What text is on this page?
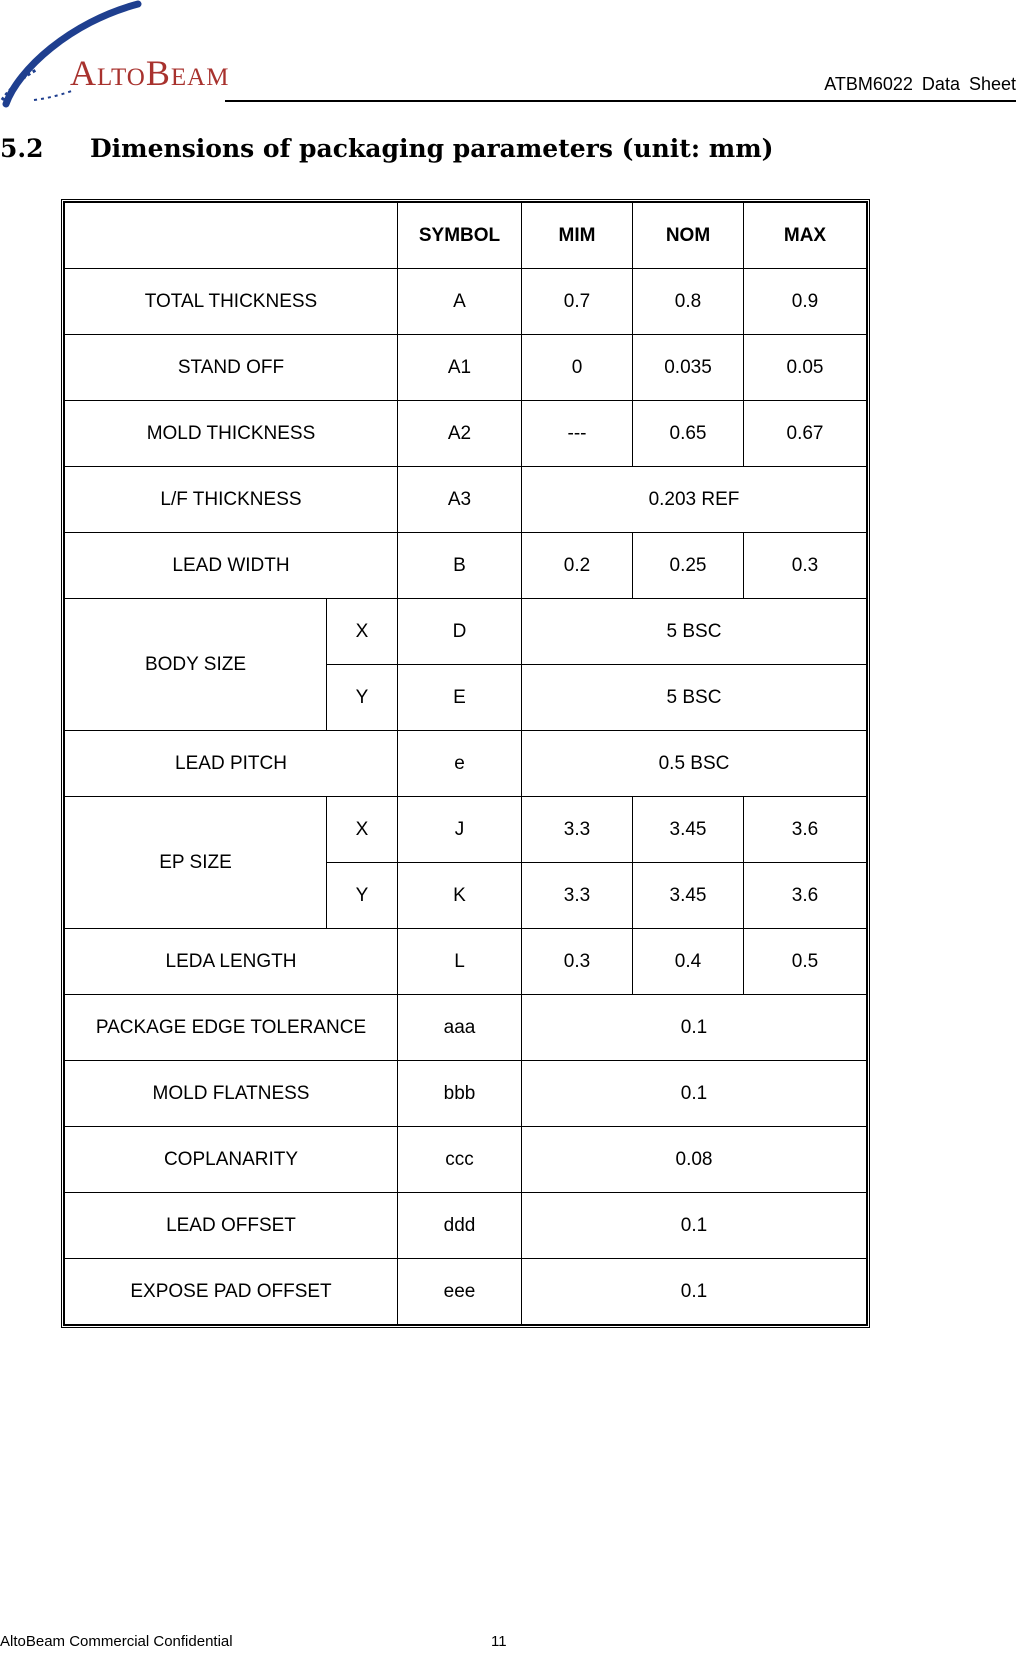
ALTOBEAM	ATBM6022 Data Sheet
5.2 Dimensions of packaging parameters (unit: mm)
		SYMBOL	MIM	NOM	MAX
TOTAL THICKNESS		A	0.7	0.8	0.9
STAND OFF		A1	0	0.035	0.05
MOLD THICKNESS		A2	---	0.65	0.67
L/F THICKNESS		A3	0.203 REF		
LEAD WIDTH		B	0.2	0.25	0.3
BODY SIZE	X	D	5 BSC		
	Y	E	5 BSC		
LEAD PITCH		e	0.5 BSC		
EP SIZE	X	J	3.3	3.45	3.6
	Y	K	3.3	3.45	3.6
LEDA LENGTH		L	0.3	0.4	0.5
PACKAGE EDGE TOLERANCE		aaa	0.1		
MOLD FLATNESS		bbb	0.1		
COPLANARITY		ccc	0.08		
LEAD OFFSET		ddd	0.1		
EXPOSE PAD OFFSET		eee	0.1		
AltoBeam Commercial Confidential	11
